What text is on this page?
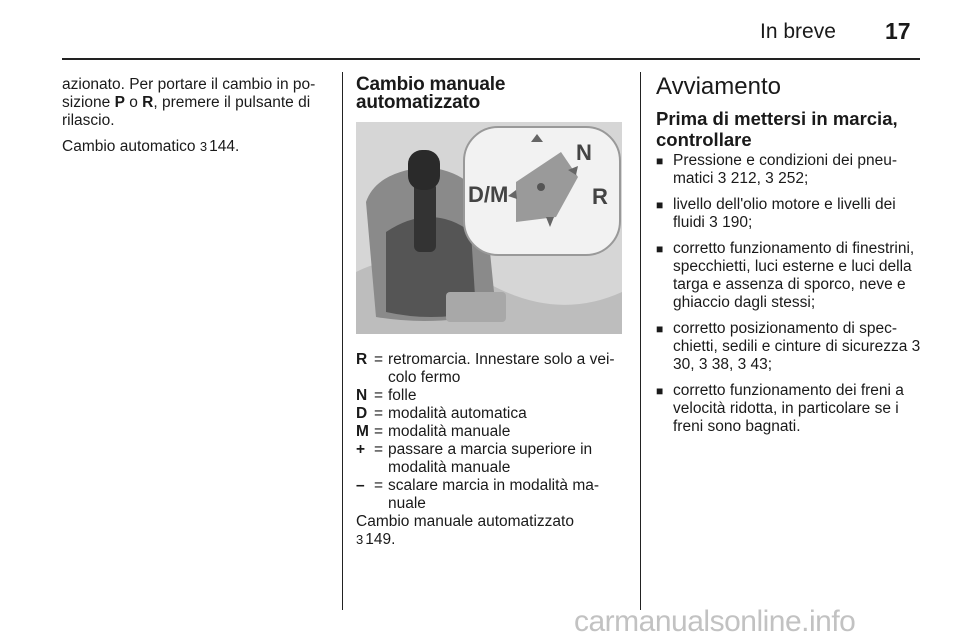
In breve 17

azionato. Per portare il cambio in po-sizione P o R, premere il pulsante di rilascio.

Cambio automatico 3 144.

Cambio manuale automatizzato
D/M
N
R
R = retromarcia. Innestare solo a vei-colo fermo
N = folle
D = modalità automatica
M = modalità manuale
+ = passare a marcia superiore in modalità manuale
– = scalare marcia in modalità ma-nuale

Cambio manuale automatizzato
3 149.

Avviamento
Prima di mettersi in marcia, controllare
■ Pressione e condizioni dei pneu-matici 3 212, 3 252;
■ livello dell'olio motore e livelli dei fluidi 3 190;
■ corretto funzionamento di finestrini, specchietti, luci esterne e luci della targa e assenza di sporco, neve e ghiaccio dagli stessi;
■ corretto posizionamento di spec-chietti, sedili e cinture di sicurezza 3 30, 3 38, 3 43;
■ corretto funzionamento dei freni a velocità ridotta, in particolare se i freni sono bagnati.
carmanualsonline.info
